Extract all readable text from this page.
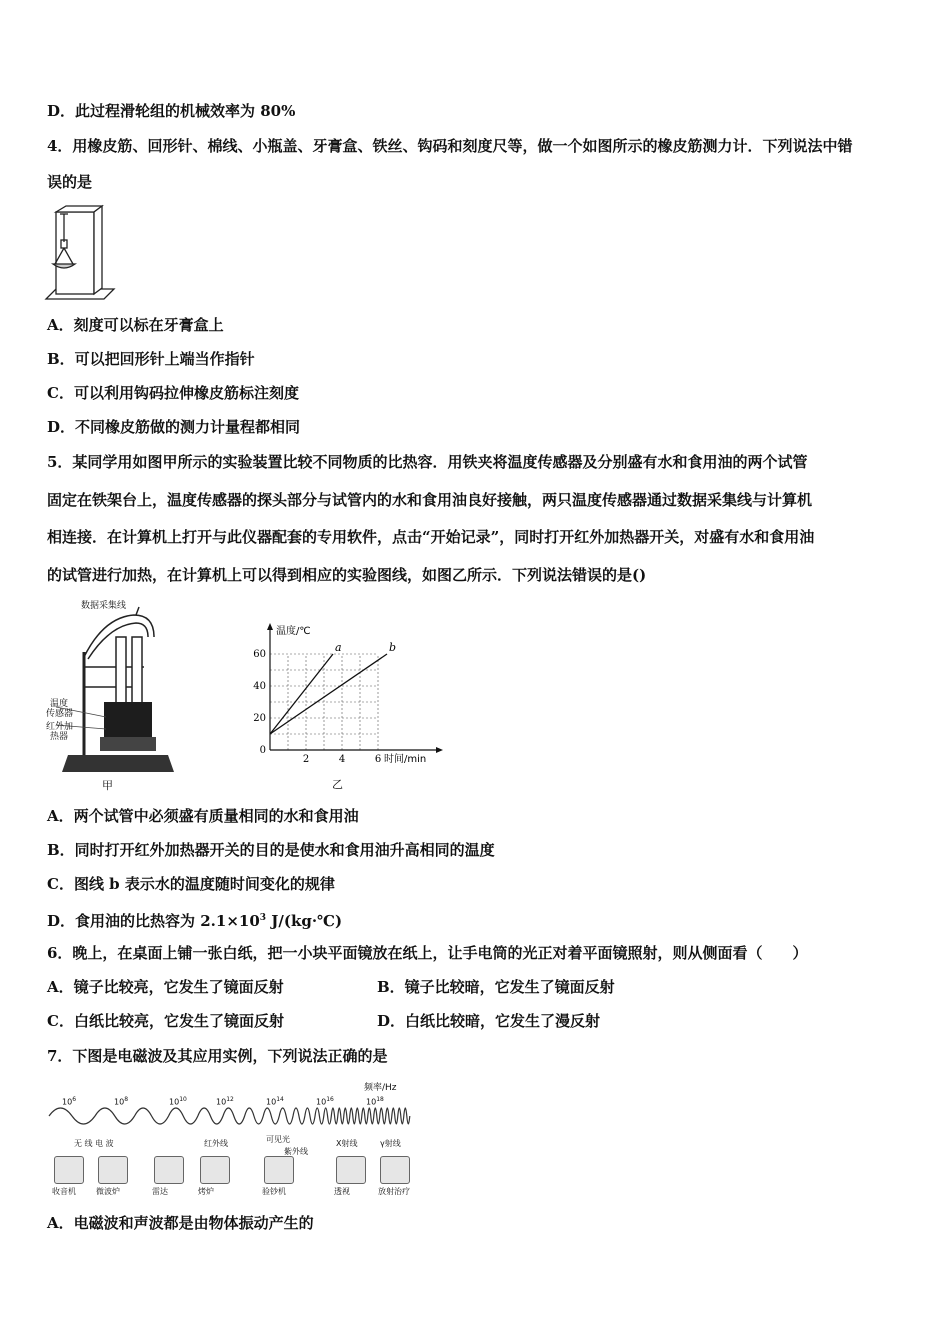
D．此过程滑轮组的机械效率为 80%
4．用橡皮筋、回形针、棉线、小瓶盖、牙膏盒、铁丝、钩码和刻度尺等，做一个如图所示的橡皮筋测力计．下列说法中错
误的是
A．刻度可以标在牙膏盒上
B．可以把回形针上端当作指针
C．可以利用钩码拉伸橡皮筋标注刻度
D．不同橡皮筋做的测力计量程都相同
5．某同学用如图甲所示的实验装置比较不同物质的比热容．用铁夹将温度传感器及分别盛有水和食用油的两个试管
固定在铁架台上，温度传感器的探头部分与试管内的水和食用油良好接触，两只温度传感器通过数据采集线与计算机
相连接．在计算机上打开与此仪器配套的专用软件，点击“开始记录”，同时打开红外加热器开关，对盛有水和食用油
的试管进行加热，在计算机上可以得到相应的实验图线，如图乙所示．下列说法错误的是()
数据采集线
温度
传感器
红外加
热器
甲
0
20
40
60
2	4	6
温度/℃
时间/min
a	b
乙
A．两个试管中必须盛有质量相同的水和食用油
B．同时打开红外加热器开关的目的是使水和食用油升高相同的温度
C．图线 b 表示水的温度随时间变化的规律
D．食用油的比热容为 $2.1\times 10^3$ J/(kg·℃)
6．晚上，在桌面上铺一张白纸，把一小块平面镜放在纸上，让手电筒的光正对着平面镜照射，则从侧面看（　　）
A．镜子比较亮，它发生了镜面反射	B．镜子比较暗，它发生了镜面反射
C．白纸比较亮，它发生了镜面反射	D．白纸比较暗，它发生了漫反射
7．下图是电磁波及其应用实例，下列说法正确的是
频率/Hz
$10^6$	$10^8$	$10^{10}$	$10^{12}$	$10^{14}$	$10^{16}$	$10^{18}$
无 线 电 波	红外线	可见光
紫外线
X射线	γ射线
收音机	微波炉	雷达	烤炉	验钞机	透视	放射治疗
A．电磁波和声波都是由物体振动产生的
